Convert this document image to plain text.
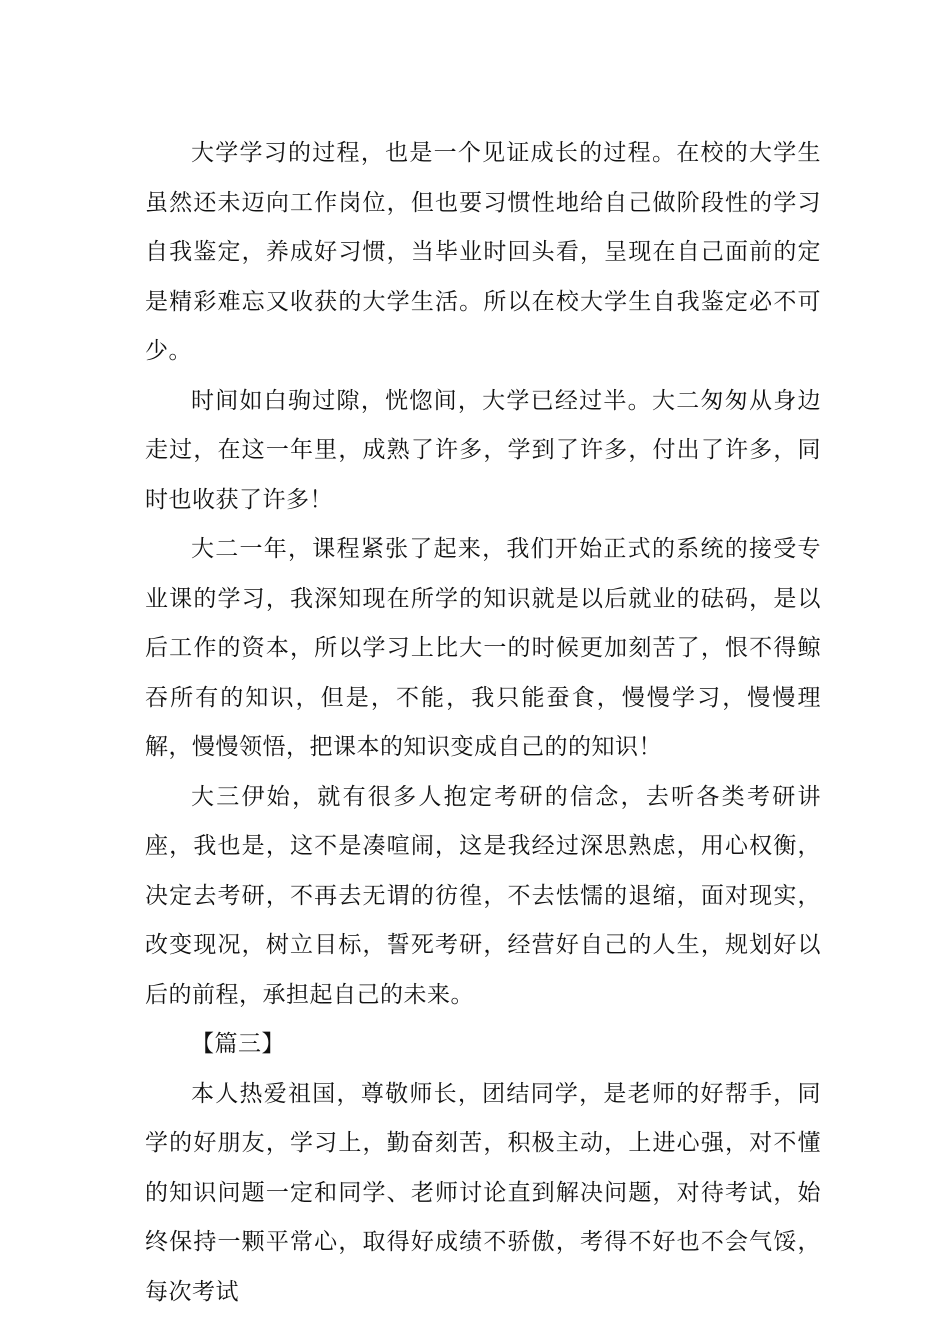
大学学习的过程，也是一个见证成长的过程。在校的大学生虽然还未迈向工作岗位，但也要习惯性地给自己做阶段性的学习自我鉴定，养成好习惯，当毕业时回头看，呈现在自己面前的定是精彩难忘又收获的大学生活。所以在校大学生自我鉴定必不可少。

时间如白驹过隙，恍惚间，大学已经过半。大二匆匆从身边走过，在这一年里，成熟了许多，学到了许多，付出了许多，同时也收获了许多！

大二一年，课程紧张了起来，我们开始正式的系统的接受专业课的学习，我深知现在所学的知识就是以后就业的砝码，是以后工作的资本，所以学习上比大一的时候更加刻苦了，恨不得鲸吞所有的知识，但是，不能，我只能蚕食，慢慢学习，慢慢理解，慢慢领悟，把课本的知识变成自己的的知识！

大三伊始，就有很多人抱定考研的信念，去听各类考研讲座，我也是，这不是凑喧闹，这是我经过深思熟虑，用心权衡，决定去考研，不再去无谓的彷徨，不去怯懦的退缩，面对现实，改变现况，树立目标，誓死考研，经营好自己的人生，规划好以后的前程，承担起自己的未来。

【篇三】

本人热爱祖国，尊敬师长，团结同学，是老师的好帮手，同学的好朋友，学习上，勤奋刻苦，积极主动，上进心强，对不懂的知识问题一定和同学、老师讨论直到解决问题，对待考试，始终保持一颗平常心，取得好成绩不骄傲，考得不好也不会气馁，每次考试
